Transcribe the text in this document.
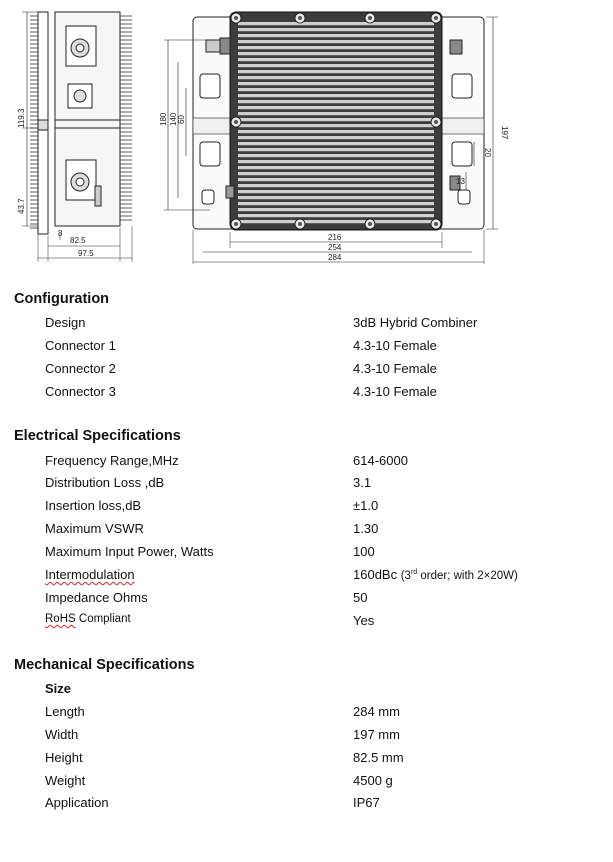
119.3
43.7
8
82.5
97.5
216
254
284
180 140 60
197
20
13
Configuration
Design	3dB Hybrid Combiner
Connector 1	4.3-10 Female
Connector 2	4.3-10 Female
Connector 3	4.3-10 Female
Electrical Specifications
Frequency Range,MHz	614-6000
Distribution Loss ,dB	3.1
Insertion loss,dB	±1.0
Maximum VSWR	1.30
Maximum Input Power, Watts	100
Intermodulation	160dBc (3rd order; with 2×20W)
Impedance Ohms	50
RoHS Compliant	Yes
Mechanical Specifications
Size
Length	284 mm
Width	197 mm
Height	82.5 mm
Weight	4500 g
Application	IP67
